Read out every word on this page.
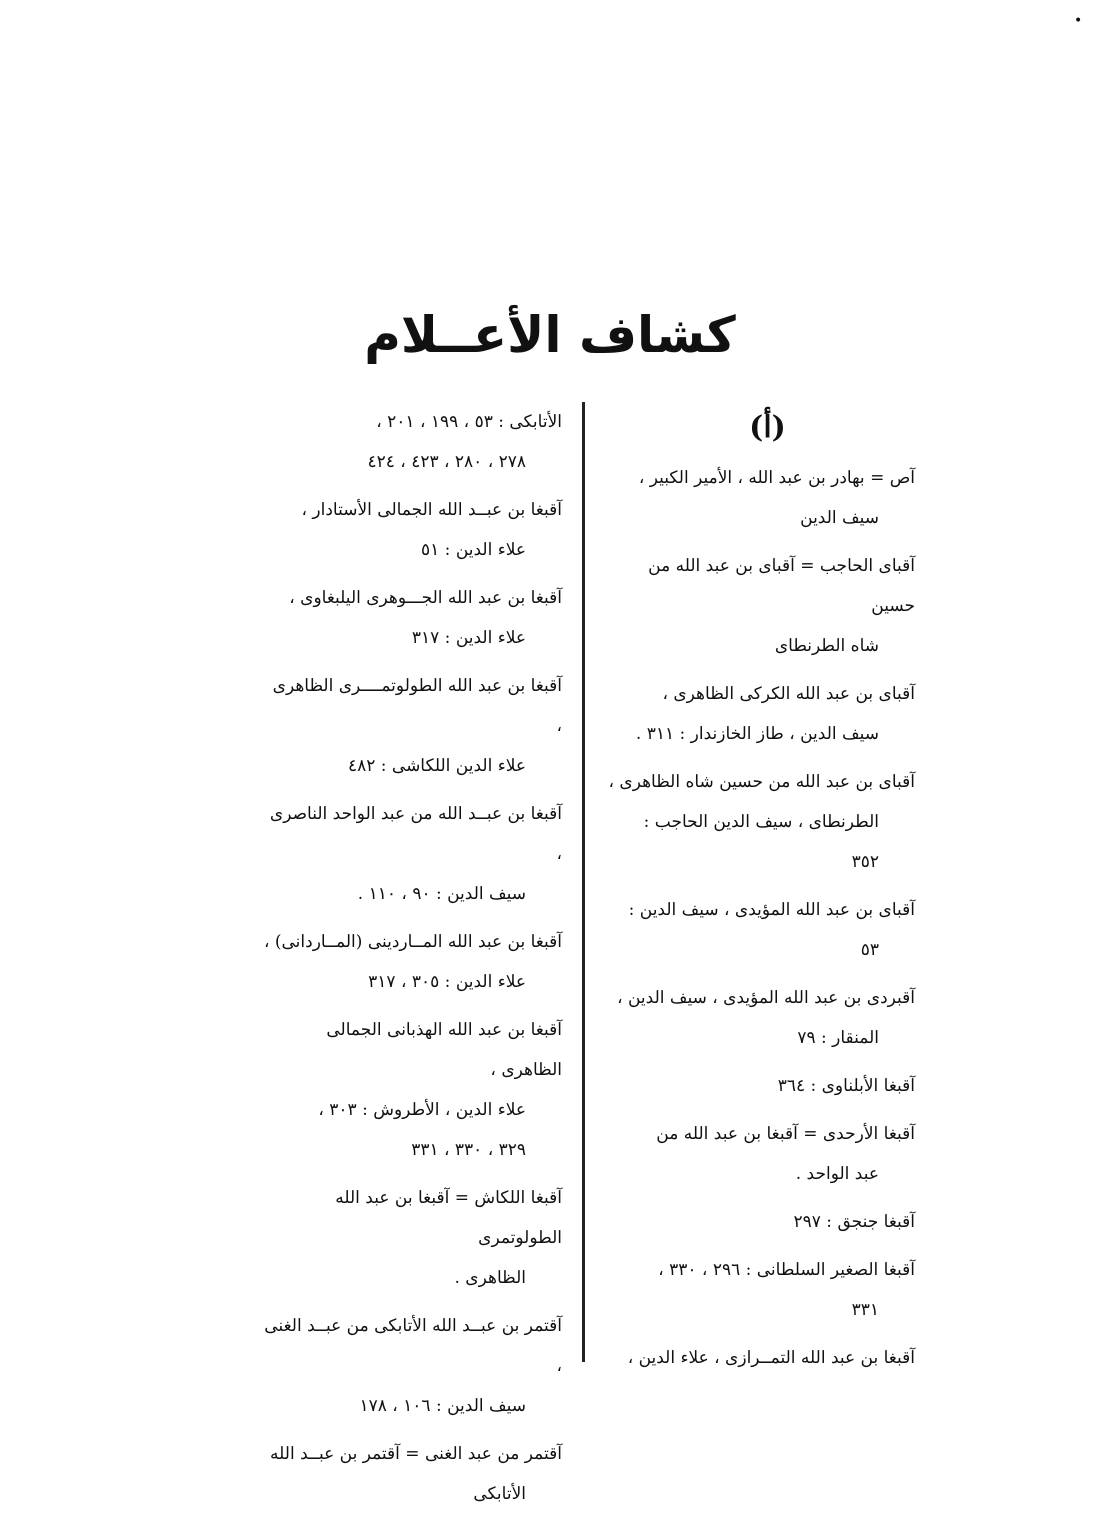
•
كشاف الأعــلام
(أ)
آص = بهادر بن عبد الله ، الأمير الكبير ،
سيف الدين
آقباى الحاجب = آقباى بن عبد الله من حسين
شاه الطرنطاى
آقباى بن عبد الله الكركى الظاهرى ،
سيف الدين ، طاز الخازندار : ٣١١ .
آقباى بن عبد الله من حسين شاه الظاهرى ،
الطرنطاى ، سيف الدين الحاجب :
٣٥٢
آقباى بن عبد الله المؤيدى ، سيف الدين :
٥٣
آقبردى بن عبد الله المؤيدى ، سيف الدين ،
المنقار : ٧٩
آقبغا الأبلناوى : ٣٦٤
آقبغا الأرحدى = آقبغا بن عبد الله من
عبد الواحد .
آقبغا جنجق : ٢٩٧
آقبغا الصغير السلطانى : ٢٩٦ ، ٣٣٠ ،
٣٣١
آقبغا بن عبد الله التمــرازى ، علاء الدين ،
الأتابكى : ٥٣ ، ١٩٩ ، ٢٠١ ،
٢٧٨ ، ٢٨٠ ، ٤٢٣ ، ٤٢٤
آقبغا بن عبــد الله الجمالى الأستادار ،
علاء الدين : ٥١
آقبغا بن عبد الله الجـــوهرى اليلبغاوى ،
علاء الدين : ٣١٧
آقبغا بن عبد الله الطولوتمــــرى الظاهرى ،
علاء الدين اللكاشى : ٤٨٢
آقبغا بن عبــد الله من عبد الواحد الناصرى ،
سيف الدين : ٩٠ ، ١١٠ .
آقبغا بن عبد الله المــاردينى (المــاردانى) ،
علاء الدين : ٣٠٥ ، ٣١٧
آقبغا بن عبد الله الهذبانى الجمالى الظاهرى ،
علاء الدين ، الأطروش : ٣٠٣ ،
٣٢٩ ، ٣٣٠ ، ٣٣١
آقبغا اللكاش = آقبغا بن عبد الله الطولوتمرى
الظاهرى .
آقتمر بن عبــد الله الأتابكى من عبــد الغنى ،
سيف الدين : ١٠٦ ، ١٧٨
آقتمر من عبد الغنى = آقتمر بن عبــد الله
الأتابكى
